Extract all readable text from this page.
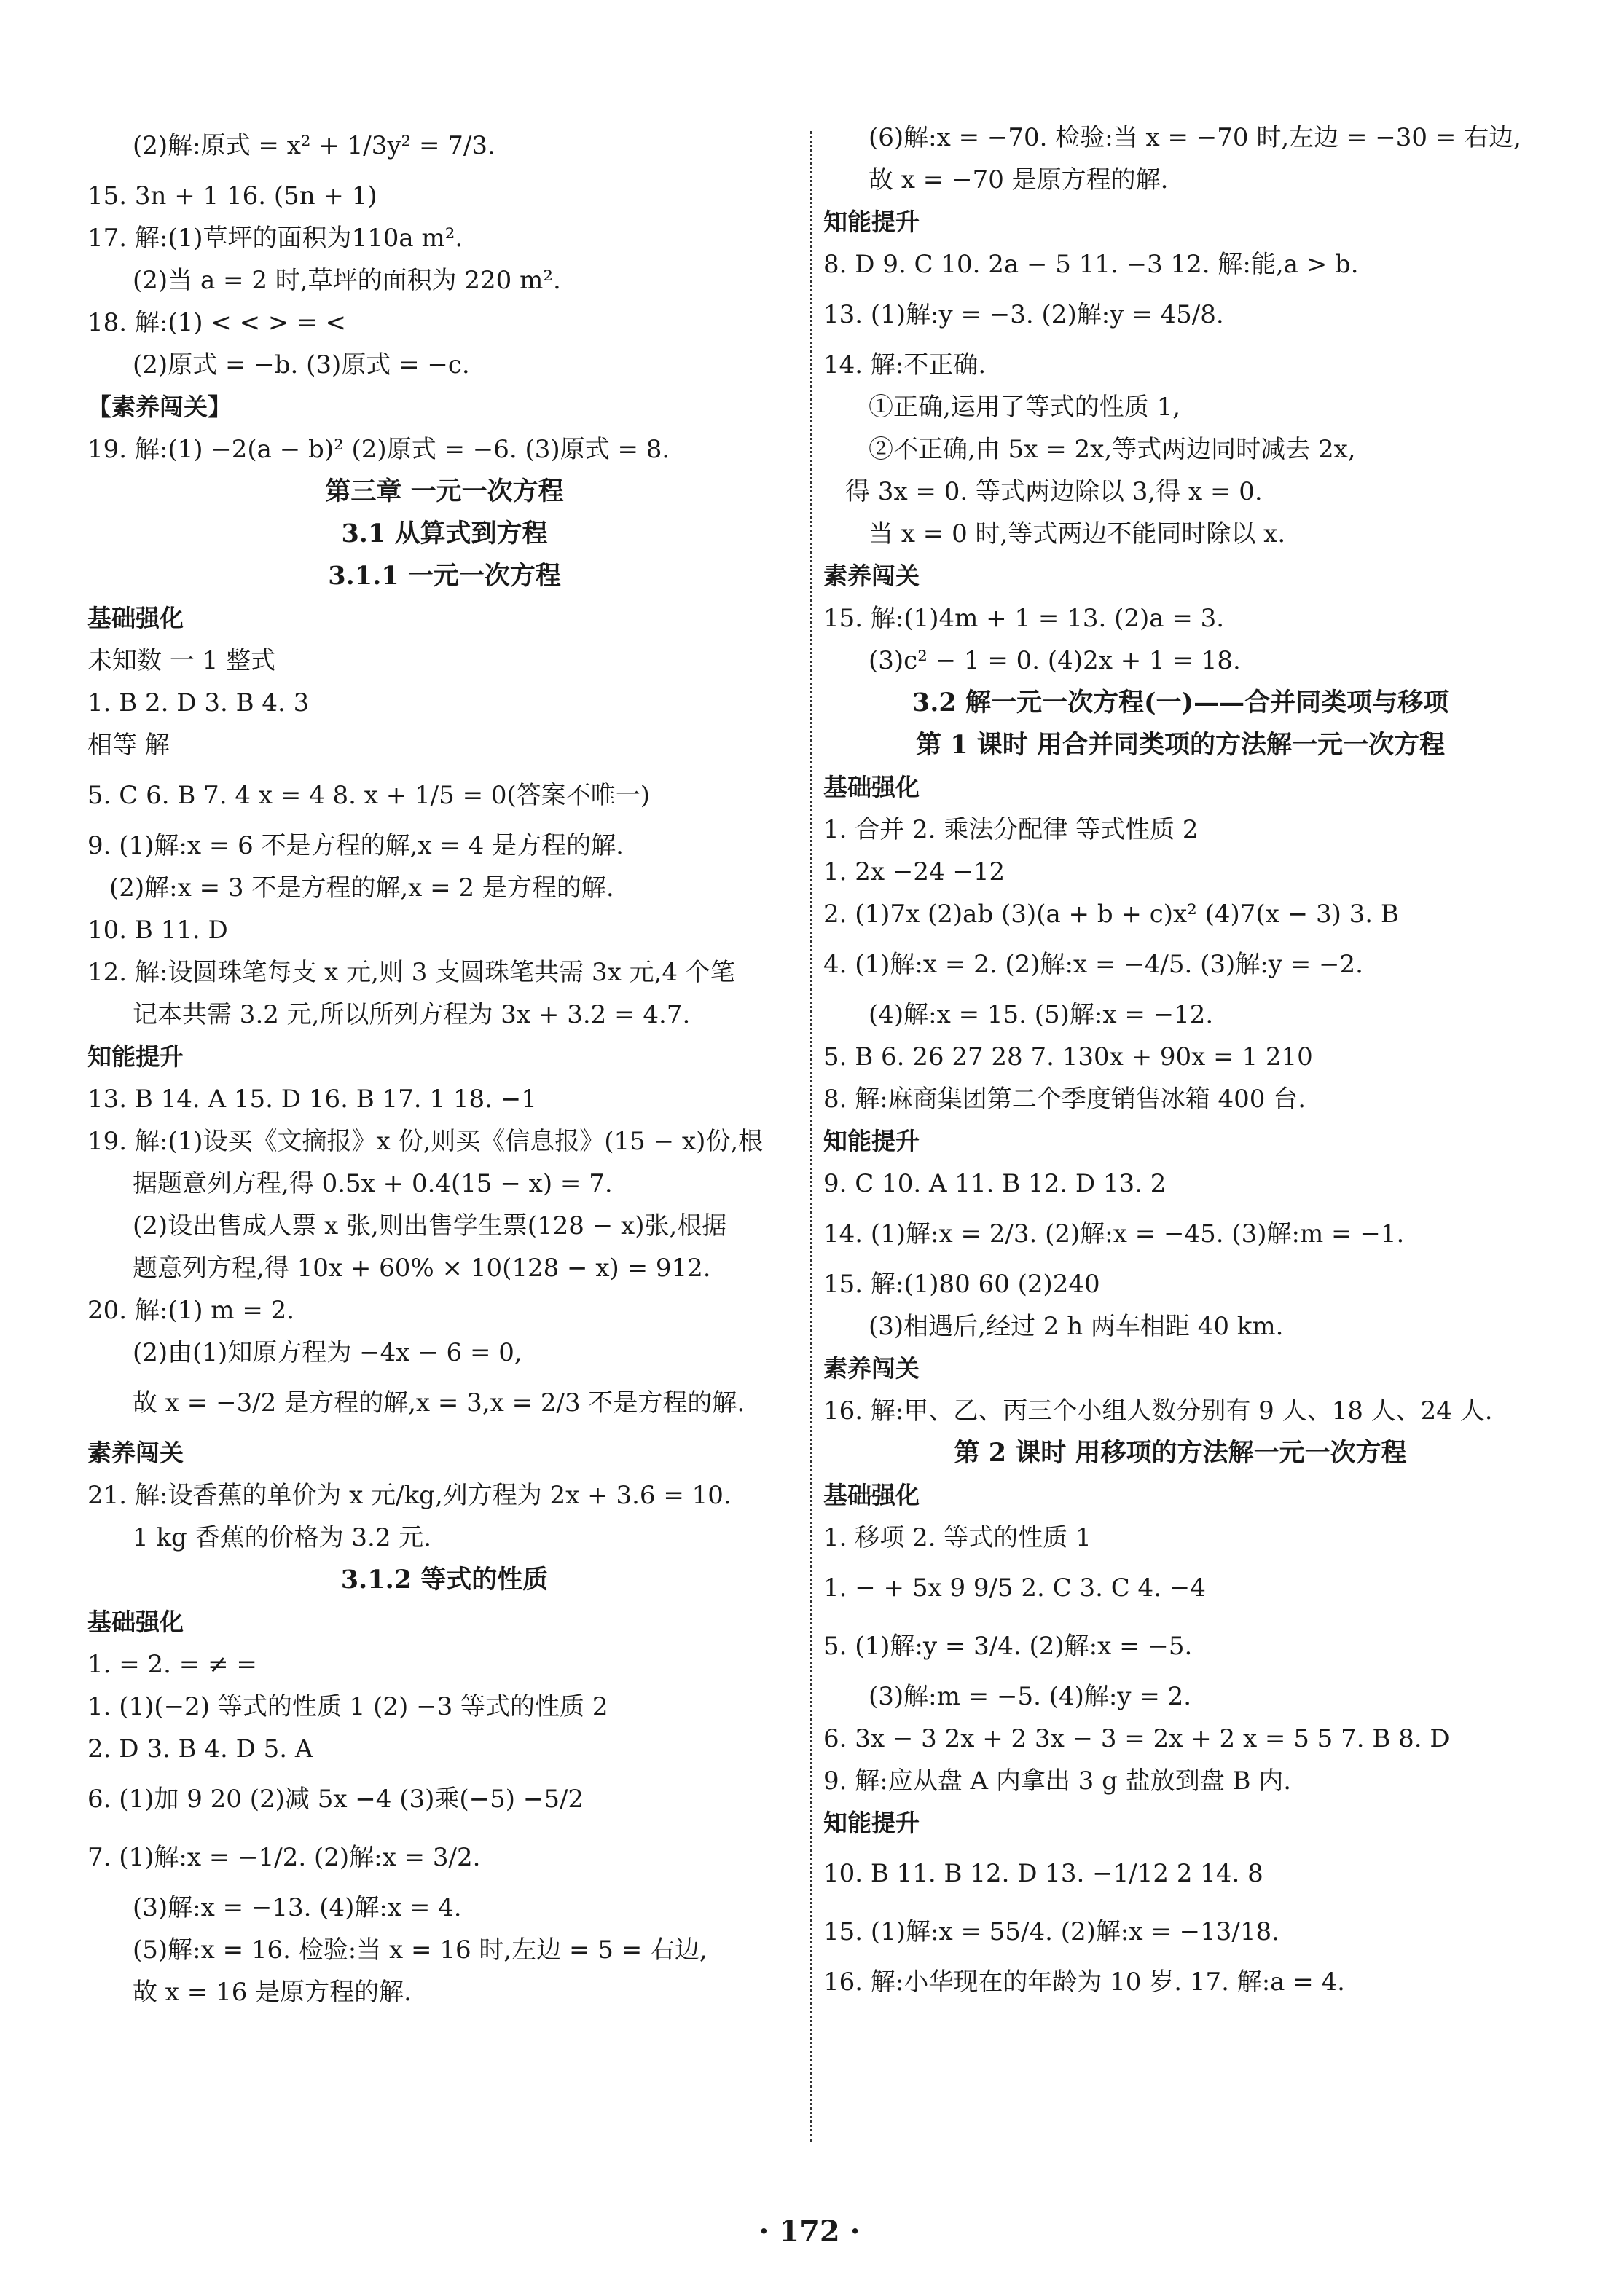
(2)解:原式 = x² + 1/3y² = 7/3.
15. 3n + 1 16. (5n + 1)
17. 解:(1)草坪的面积为110a m².
(2)当 a = 2 时,草坪的面积为 220 m².
18. 解:(1) < < > = <
(2)原式 = −b. (3)原式 = −c.
【素养闯关】
19. 解:(1) −2(a − b)² (2)原式 = −6. (3)原式 = 8.
第三章 一元一次方程
3.1 从算式到方程
3.1.1 一元一次方程
基础强化
未知数 一 1 整式
1. B 2. D 3. B 4. 3
相等 解
5. C 6. B 7. 4 x = 4 8. x + 1/5 = 0(答案不唯一)
9. (1)解:x = 6 不是方程的解,x = 4 是方程的解.
(2)解:x = 3 不是方程的解,x = 2 是方程的解.
10. B 11. D
12. 解:设圆珠笔每支 x 元,则 3 支圆珠笔共需 3x 元,4 个笔
记本共需 3.2 元,所以所列方程为 3x + 3.2 = 4.7.
知能提升
13. B 14. A 15. D 16. B 17. 1 18. −1
19. 解:(1)设买《文摘报》x 份,则买《信息报》(15 − x)份,根
据题意列方程,得 0.5x + 0.4(15 − x) = 7.
(2)设出售成人票 x 张,则出售学生票(128 − x)张,根据
题意列方程,得 10x + 60% × 10(128 − x) = 912.
20. 解:(1) m = 2.
(2)由(1)知原方程为 −4x − 6 = 0,
故 x = −3/2 是方程的解,x = 3,x = 2/3 不是方程的解.
素养闯关
21. 解:设香蕉的单价为 x 元/kg,列方程为 2x + 3.6 = 10.
1 kg 香蕉的价格为 3.2 元.
3.1.2 等式的性质
基础强化
1. = 2. = ≠ =
1. (1)(−2) 等式的性质 1 (2) −3 等式的性质 2
2. D 3. B 4. D 5. A
6. (1)加 9 20 (2)减 5x −4 (3)乘(−5) −5/2
7. (1)解:x = −1/2. (2)解:x = 3/2.
(3)解:x = −13. (4)解:x = 4.
(5)解:x = 16. 检验:当 x = 16 时,左边 = 5 = 右边,
故 x = 16 是原方程的解.
(6)解:x = −70. 检验:当 x = −70 时,左边 = −30 = 右边,
故 x = −70 是原方程的解.
知能提升
8. D 9. C 10. 2a − 5 11. −3 12. 解:能,a > b.
13. (1)解:y = −3. (2)解:y = 45/8.
14. 解:不正确.
①正确,运用了等式的性质 1,
②不正确,由 5x = 2x,等式两边同时减去 2x,
得 3x = 0. 等式两边除以 3,得 x = 0.
当 x = 0 时,等式两边不能同时除以 x.
素养闯关
15. 解:(1)4m + 1 = 13. (2)a = 3.
(3)c² − 1 = 0. (4)2x + 1 = 18.
3.2 解一元一次方程(一)——合并同类项与移项
第 1 课时 用合并同类项的方法解一元一次方程
基础强化
1. 合并 2. 乘法分配律 等式性质 2
1. 2x −24 −12
2. (1)7x (2)ab (3)(a + b + c)x² (4)7(x − 3) 3. B
4. (1)解:x = 2. (2)解:x = −4/5. (3)解:y = −2.
(4)解:x = 15. (5)解:x = −12.
5. B 6. 26 27 28 7. 130x + 90x = 1 210
8. 解:麻商集团第二个季度销售冰箱 400 台.
知能提升
9. C 10. A 11. B 12. D 13. 2
14. (1)解:x = 2/3. (2)解:x = −45. (3)解:m = −1.
15. 解:(1)80 60 (2)240
(3)相遇后,经过 2 h 两车相距 40 km.
素养闯关
16. 解:甲、乙、丙三个小组人数分别有 9 人、18 人、24 人.
第 2 课时 用移项的方法解一元一次方程
基础强化
1. 移项 2. 等式的性质 1
1. − + 5x 9 9/5 2. C 3. C 4. −4
5. (1)解:y = 3/4. (2)解:x = −5.
(3)解:m = −5. (4)解:y = 2.
6. 3x − 3 2x + 2 3x − 3 = 2x + 2 x = 5 5 7. B 8. D
9. 解:应从盘 A 内拿出 3 g 盐放到盘 B 内.
知能提升
10. B 11. B 12. D 13. −1/12 2 14. 8
15. (1)解:x = 55/4. (2)解:x = −13/18.
16. 解:小华现在的年龄为 10 岁. 17. 解:a = 4.
· 172 ·
